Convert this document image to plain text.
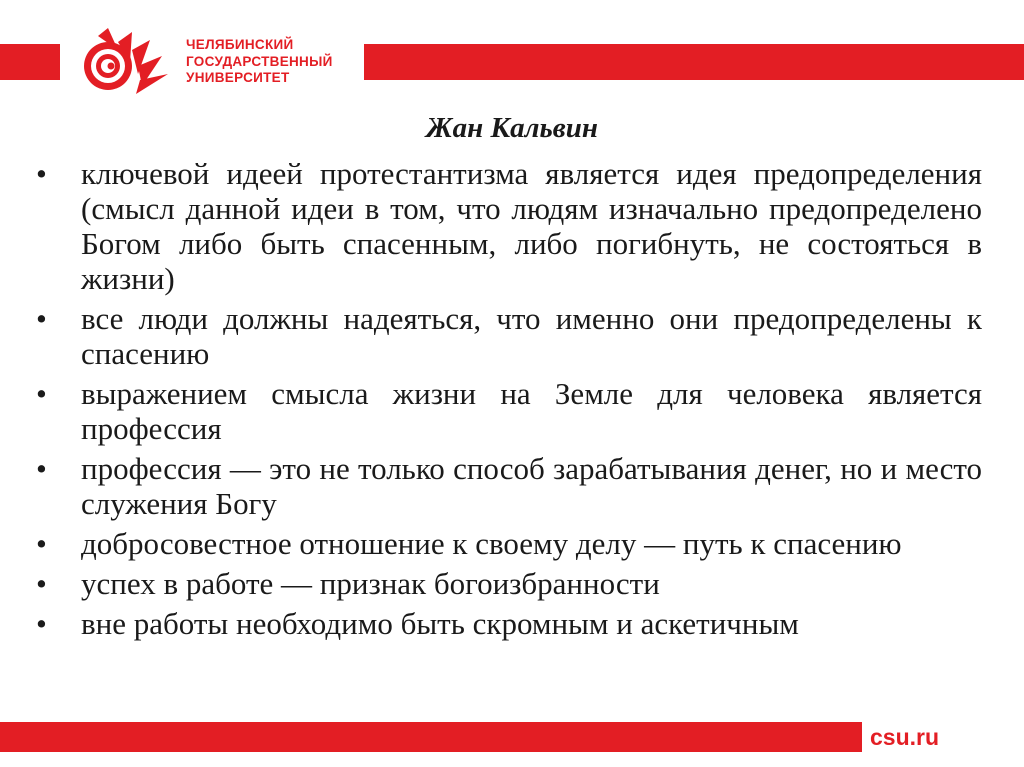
ЧЕЛЯБИНСКИЙ
ГОСУДАРСТВЕННЫЙ
УНИВЕРСИТЕТ
Жан Кальвин
•	ключевой идеей протестантизма является идея предопределения (смысл данной идеи в том, что людям изначально предопределено Богом либо быть спасенным, либо погибнуть, не состояться в жизни)
•	все люди должны надеяться, что именно они предопределены к спасению
•	выражением смысла жизни на Земле для человека является профессия
•	профессия — это не только способ зарабатывания денег, но и место служения Богу
•	добросовестное отношение к своему делу — путь к спасению
•	успех в работе — признак богоизбранности
•	вне работы необходимо быть скромным и аскетичным
csu.ru
